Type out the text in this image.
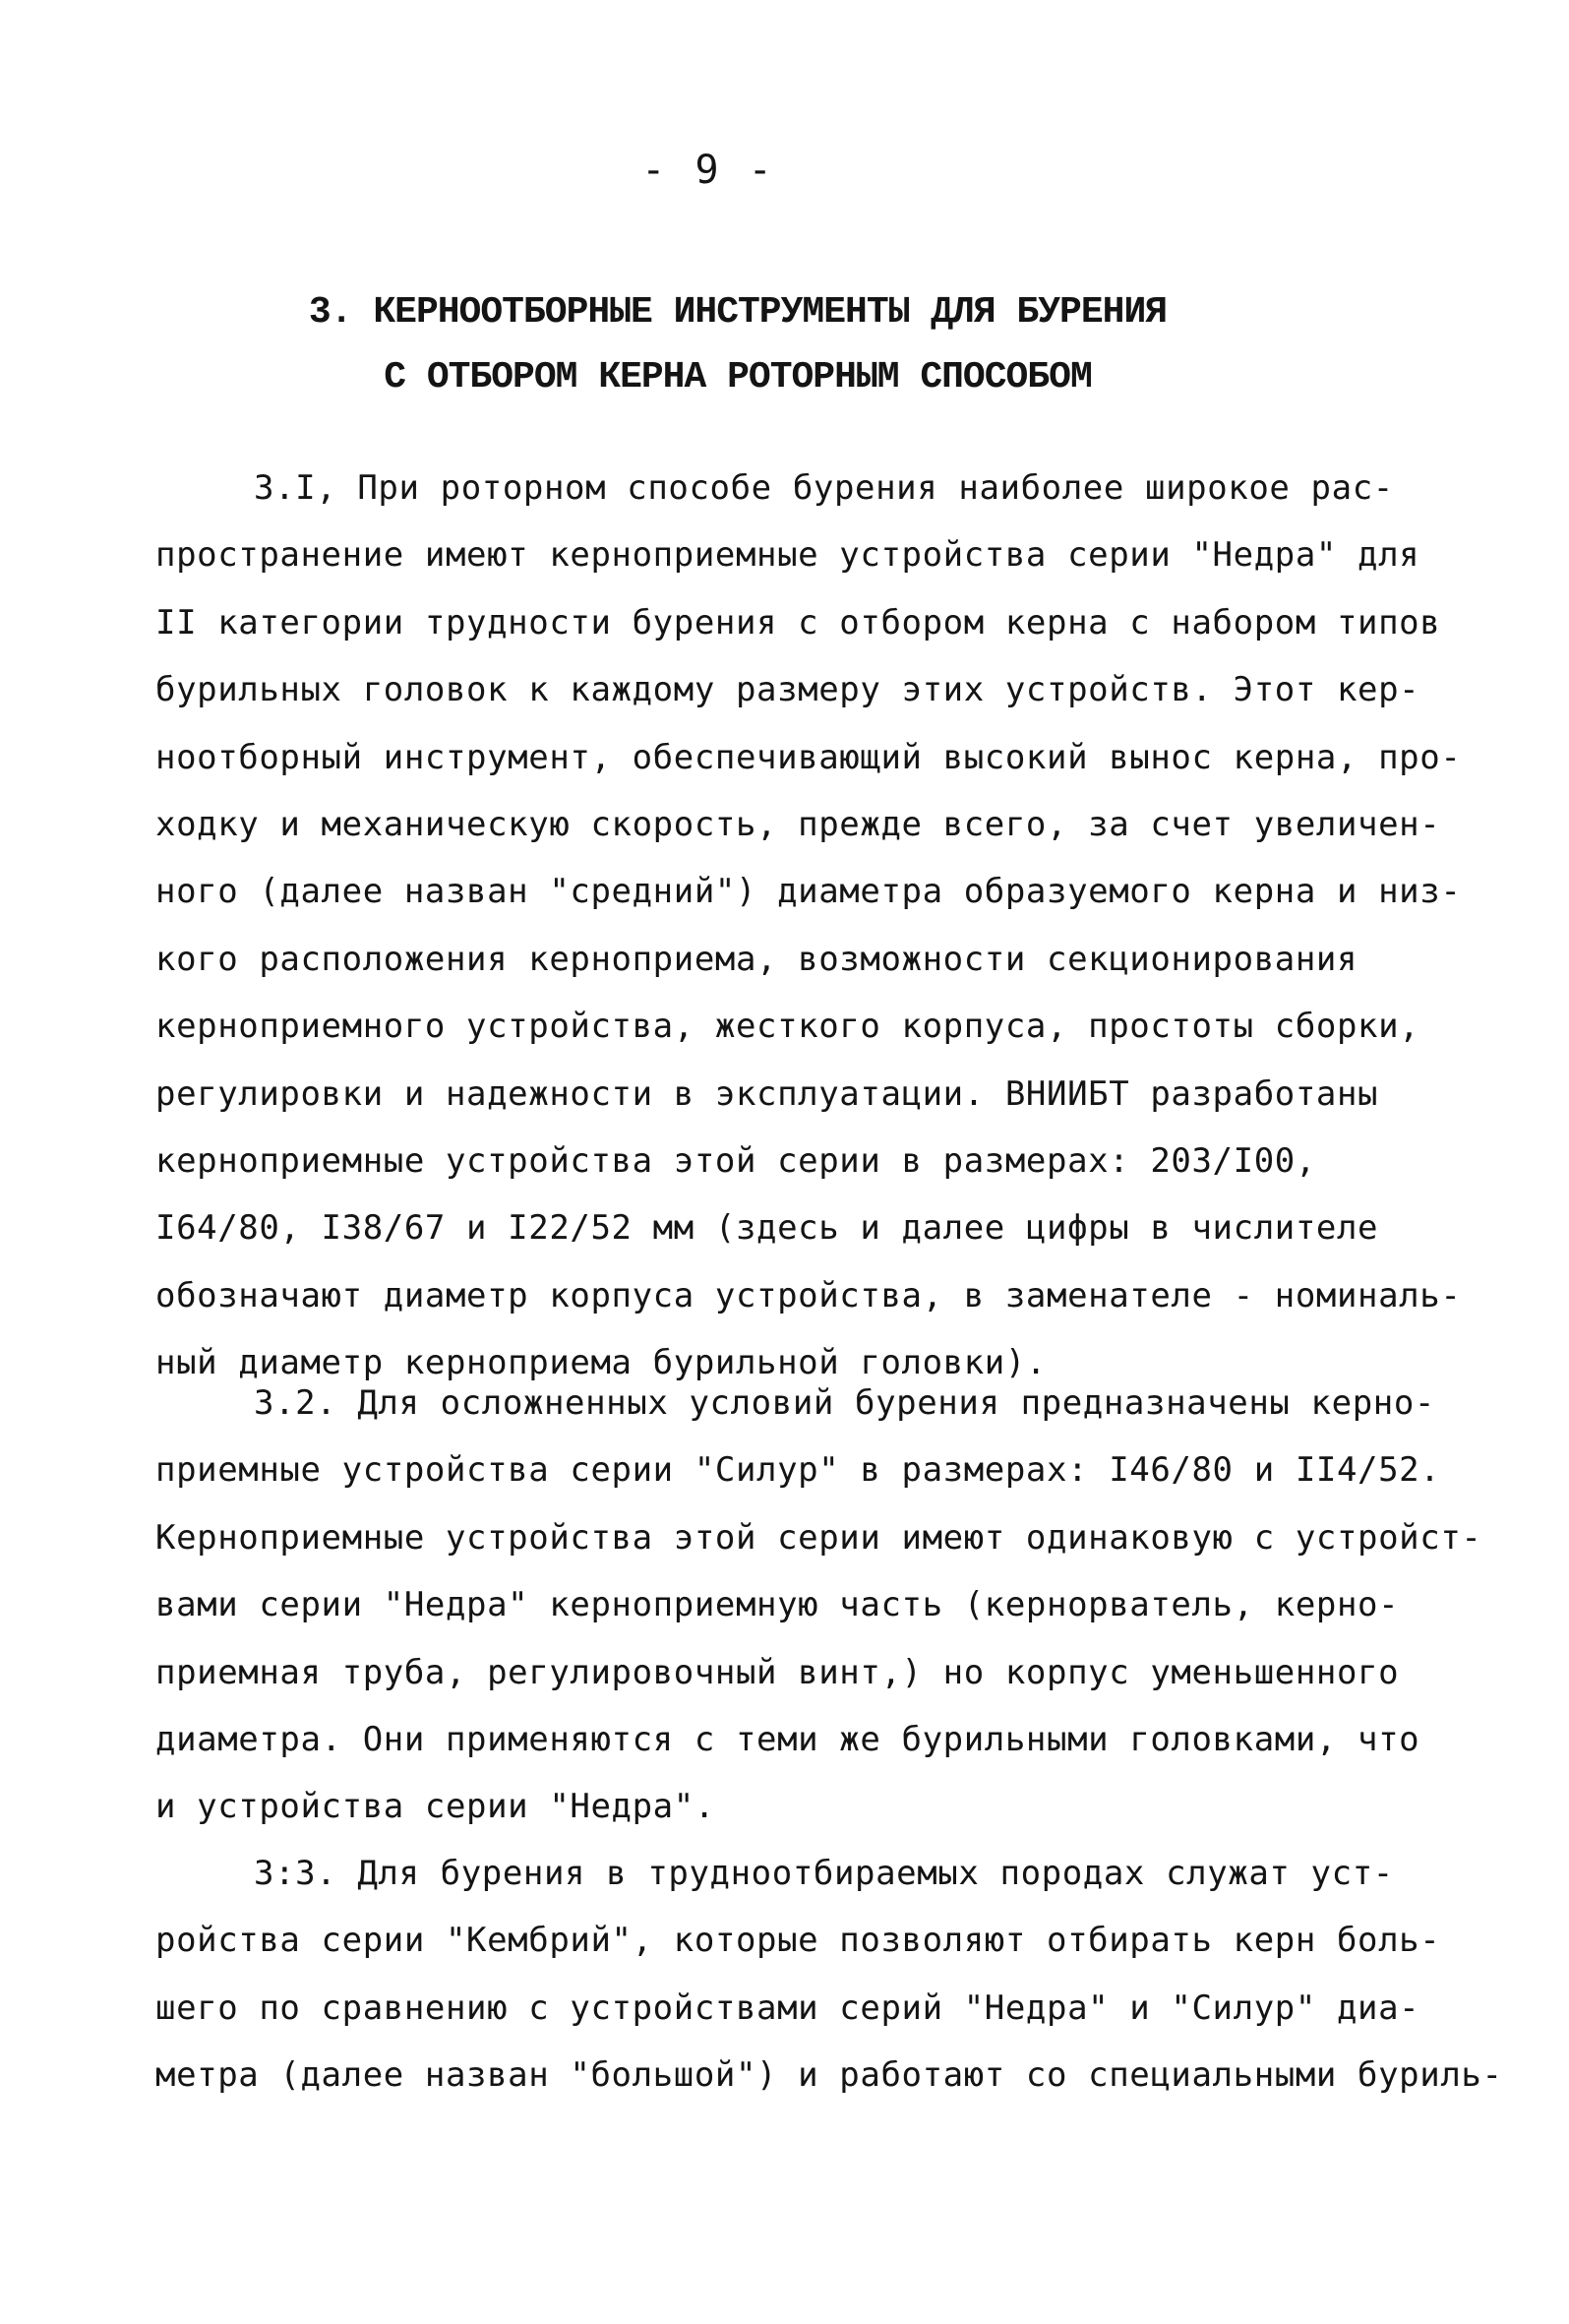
- 9 -
3. КЕРНООТБОРНЫЕ ИНСТРУМЕНТЫ ДЛЯ БУРЕНИЯ
С ОТБОРОМ КЕРНА РОТОРНЫМ СПОСОБОМ
3.I, При роторном способе бурения наиболее широкое рас-
пространение имеют керноприемные устройства серии "Недра" для
II категории трудности бурения с отбором керна с набором типов
бурильных головок к каждому размеру этих устройств. Этот кер-
ноотборный инструмент, обеспечивающий высокий вынос керна, про-
ходку и механическую скорость, прежде всего, за счет увеличен-
ного (далее назван "средний") диаметра образуемого керна и низ-
кого расположения кернoприема, возможности секционирования
керноприемного устройства, жесткого корпуса, простоты сборки,
регулировки и надежности в эксплуатации. ВНИИБТ разработаны
керноприемные устройства этой серии в размерах: 203/I00,
I64/80, I38/67 и I22/52 мм (здесь и далее цифры в числителе
обозначают диаметр корпуса устройства, в заменателе - номиналь-
ный диаметр кернoприема бурильной головки).
3.2. Для осложненных условий бурения предназначены керно-
приемные устройства серии "Силур" в размерах: I46/80 и II4/52.
Керноприемные устройства этой серии имеют одинаковую с устройст-
вами серии "Недра" керноприемную часть (кернорватель, керно-
приемная труба, регулировочный винт,) но корпус уменьшенного
диаметра. Они применяются с теми же бурильными головками, что
и устройства серии "Недра".
3:3. Для бурения в трудноотбираемых породах служат уст-
ройства серии "Кембрий", которые позволяют отбирать керн боль-
шего по сравнению с устройствами серий "Недра" и "Силур" диа-
метра (далее назван "большой") и работают со специальными буриль-
